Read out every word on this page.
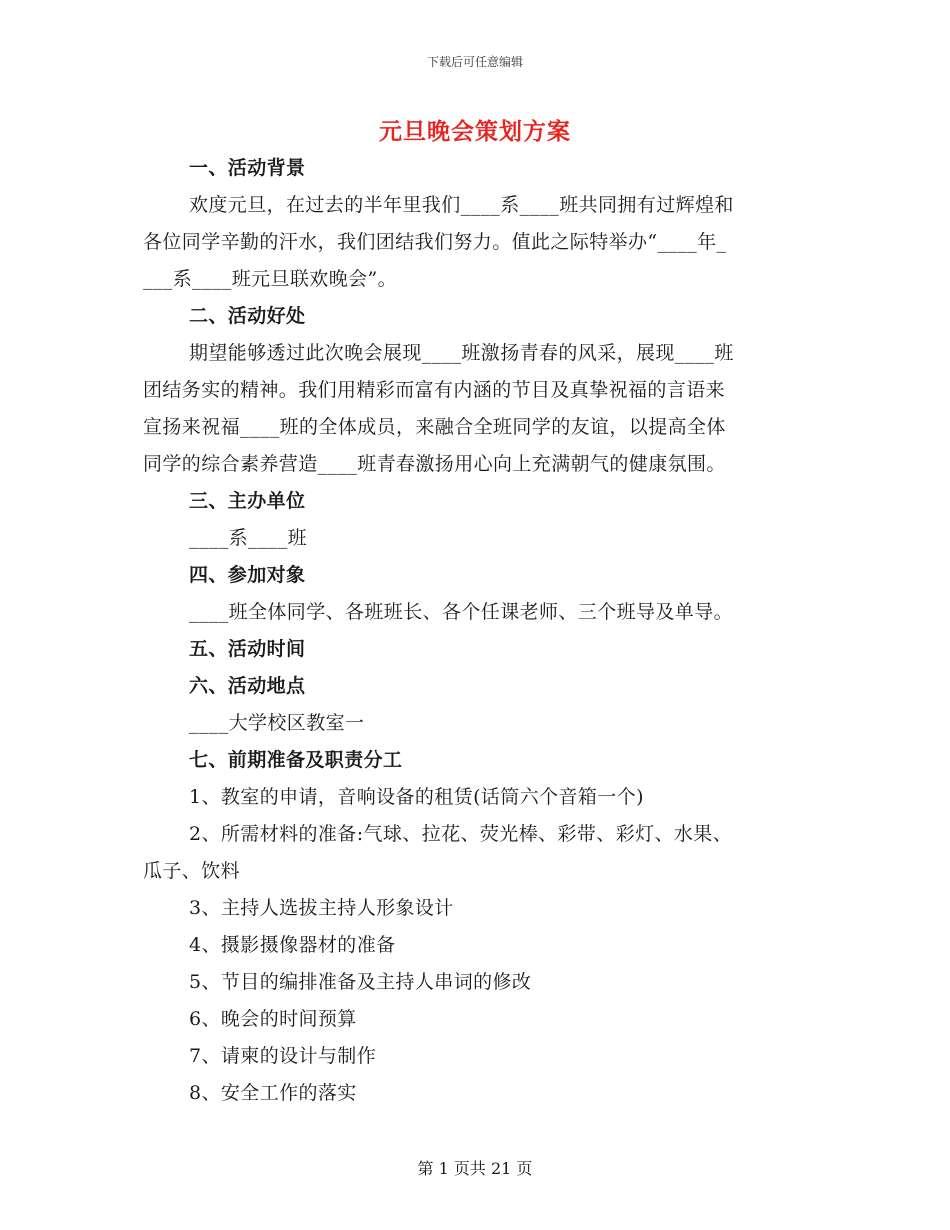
下载后可任意编辑
元旦晚会策划方案
一、活动背景
欢度元旦，在过去的半年里我们____系____班共同拥有过辉煌和
各位同学辛勤的汗水，我们团结我们努力。值此之际特举办“____年_
___系____班元旦联欢晚会”。
二、活动好处
期望能够透过此次晚会展现____班激扬青春的风采，展现____班
团结务实的精神。我们用精彩而富有内涵的节目及真挚祝福的言语来
宣扬来祝福____班的全体成员，来融合全班同学的友谊，以提高全体
同学的综合素养营造____班青春激扬用心向上充满朝气的健康氛围。
三、主办单位
____系____班
四、参加对象
____班全体同学、各班班长、各个任课老师、三个班导及单导。
五、活动时间
六、活动地点
____大学校区教室一
七、前期准备及职责分工
1、教室的申请，音响设备的租赁(话筒六个音箱一个)
2、所需材料的准备:气球、拉花、荧光棒、彩带、彩灯、水果、
瓜子、饮料
3、主持人选拔主持人形象设计
4、摄影摄像器材的准备
5、节目的编排准备及主持人串词的修改
6、晚会的时间预算
7、请柬的设计与制作
8、安全工作的落实
第 1 页共 21 页
